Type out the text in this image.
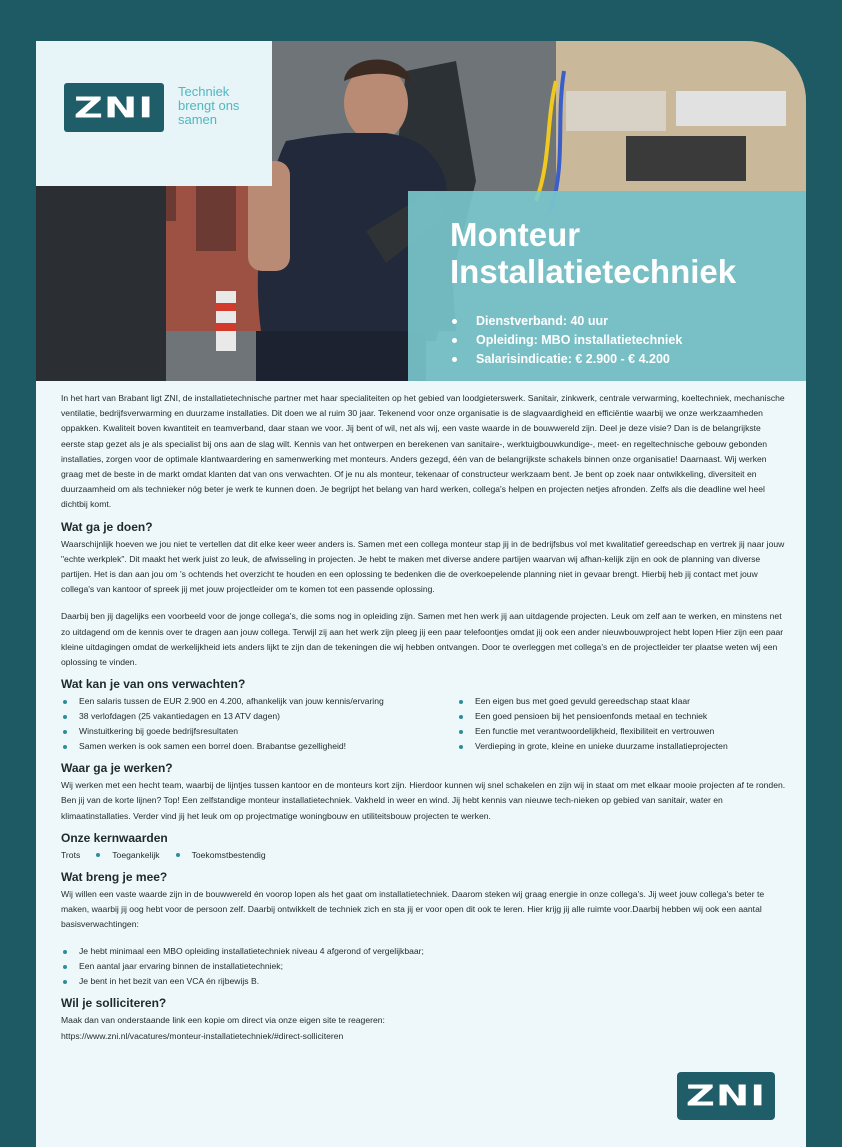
ZNI Techniek
brengt ons
samen
Monteur
Installatietechniek
Dienstverband: 40 uur
Opleiding: MBO installatietechniek
Salarisindicatie: € 2.900 - € 4.200

In het hart van Brabant ligt ZNI, de installatietechnische partner met haar specialiteiten op het gebied van loodgieterswerk. Sanitair, zinkwerk, centrale verwarming, koeltechniek, mechanische ventilatie, bedrijfsverwarming en duurzame installaties. Dit doen we al ruim 30 jaar. Tekenend voor onze organisatie is de slagvaardigheid en efficiëntie waarbij we onze werkzaamheden oppakken. Kwaliteit boven kwantiteit en teamverband, daar staan we voor. Jij bent of wil, net als wij, een vaste waarde in de bouwwereld zijn. Deel je deze visie? Dan is de belangrijkste eerste stap gezet als je als specialist bij ons aan de slag wilt. Kennis van het ontwerpen en berekenen van sanitaire-, werktuigbouwkundige-, meet- en regeltechnische gebouw gebonden installaties, zorgen voor de optimale klantwaardering en samenwerking met monteurs. Anders gezegd, één van de belangrijkste schakels binnen onze organisatie! Daarnaast. Wij werken graag met de beste in de markt omdat klanten dat van ons verwachten. Of je nu als monteur, tekenaar of constructeur werkzaam bent. Je bent op zoek naar ontwikkeling, diversiteit en duurzaamheid om als technieker nóg beter je werk te kunnen doen. Je begrijpt het belang van hard werken, collega's helpen en projecten netjes afronden. Zelfs als die deadline wel heel dichtbij komt.

Wat ga je doen?

Waarschijnlijk hoeven we jou niet te vertellen dat dit elke keer weer anders is. Samen met een collega monteur stap jij in de bedrijfsbus vol met kwalitatief gereedschap en vertrek jij naar jouw "echte werkplek". Dit maakt het werk juist zo leuk, de afwisseling in projecten. Je hebt te maken met diverse andere partijen waarvan wij afhan-kelijk zijn en ook de planning van diverse partijen. Het is dan aan jou om 's ochtends het overzicht te houden en een oplossing te bedenken die de overkoepelende planning niet in gevaar brengt. Hierbij heb jij contact met jouw collega's van kantoor of spreek jij met jouw projectleider om te komen tot een passende oplossing.

Daarbij ben jij dagelijks een voorbeeld voor de jonge collega's, die soms nog in opleiding zijn. Samen met hen werk jij aan uitdagende projecten. Leuk om zelf aan te werken, en minstens net zo uitdagend om de kennis over te dragen aan jouw collega. Terwijl zij aan het werk zijn pleeg jij een paar telefoontjes omdat jij ook een ander nieuwbouwproject hebt lopen Hier zijn een paar kleine uitdagingen omdat de werkelijkheid iets anders lijkt te zijn dan de tekeningen die wij hebben ontvangen. Door te overleggen met collega's en de projectleider ter plaatse weten wij een oplossing te vinden.

Wat kan je van ons verwachten?
Een salaris tussen de EUR 2.900 en 4.200, afhankelijk van jouw kennis/ervaring
38 verlofdagen (25 vakantiedagen en 13 ATV dagen)
Winstuitkering bij goede bedrijfsresultaten
Samen werken is ook samen een borrel doen. Brabantse gezelligheid!
Een eigen bus met goed gevuld gereedschap staat klaar
Een goed pensioen bij het pensioenfonds metaal en techniek
Een functie met verantwoordelijkheid, flexibiliteit en vertrouwen
Verdieping in grote, kleine en unieke duurzame installatieprojecten
Waar ga je werken?

Wij werken met een hecht team, waarbij de lijntjes tussen kantoor en de monteurs kort zijn. Hierdoor kunnen wij snel schakelen en zijn wij in staat om met elkaar mooie projecten af te ronden. Ben jij van de korte lijnen? Top! Een zelfstandige monteur installatietechniek. Vakheld in weer en wind. Jij hebt kennis van nieuwe tech-nieken op gebied van sanitair, water en klimaatinstallaties. Verder vind jij het leuk om op projectmatige woningbouw en utiliteitsbouw projecten te werken.

Onze kernwaarden
Trots	Toegankelijk	Toekomstbestendig
Wat breng je mee?

Wij willen een vaste waarde zijn in de bouwwereld én voorop lopen als het gaat om installatietechniek. Daarom steken wij graag energie in onze collega's. Jij weet jouw collega's beter te maken, waarbij jij oog hebt voor de persoon zelf. Daarbij ontwikkelt de techniek zich en sta jij er voor open dit ook te leren. Hier krijg jij alle ruimte voor.Daarbij hebben wij ook een aantal basisverwachtingen:

Je hebt minimaal een MBO opleiding installatietechniek niveau 4 afgerond of vergelijkbaar;
Een aantal jaar ervaring binnen de installatietechniek;
Je bent in het bezit van een VCA én rijbewijs B.
Wil je solliciteren?

Maak dan van onderstaande link een kopie om direct via onze eigen site te reageren:

https://www.zni.nl/vacatures/monteur-installatietechniek/#direct-solliciteren

ZNI
